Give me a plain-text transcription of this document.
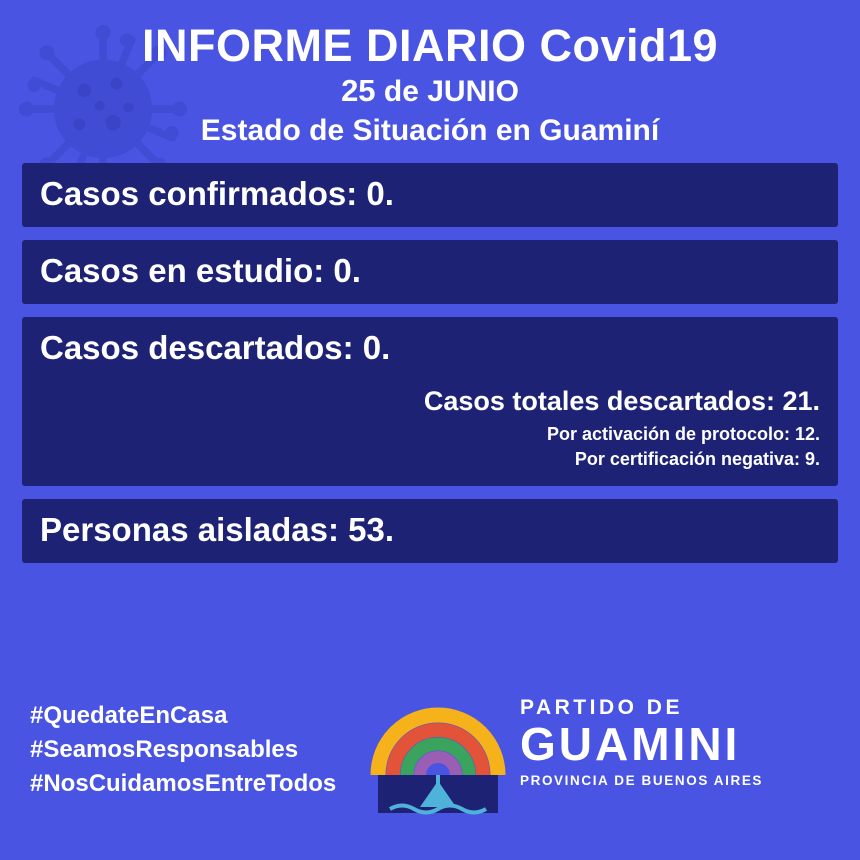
INFORME DIARIO Covid19
25 de JUNIO
Estado de Situación en Guaminí
Casos confirmados: 0.
Casos en estudio: 0.
Casos descartados: 0.
Casos totales descartados: 21.
Por activación de protocolo: 12.
Por certificación negativa: 9.
Personas aisladas: 53.
#QuedateEnCasa
#SeamosResponsables
#NosCuidamosEntreTodos
PARTIDO DE
GUAMINI
PROVINCIA DE BUENOS AIRES
